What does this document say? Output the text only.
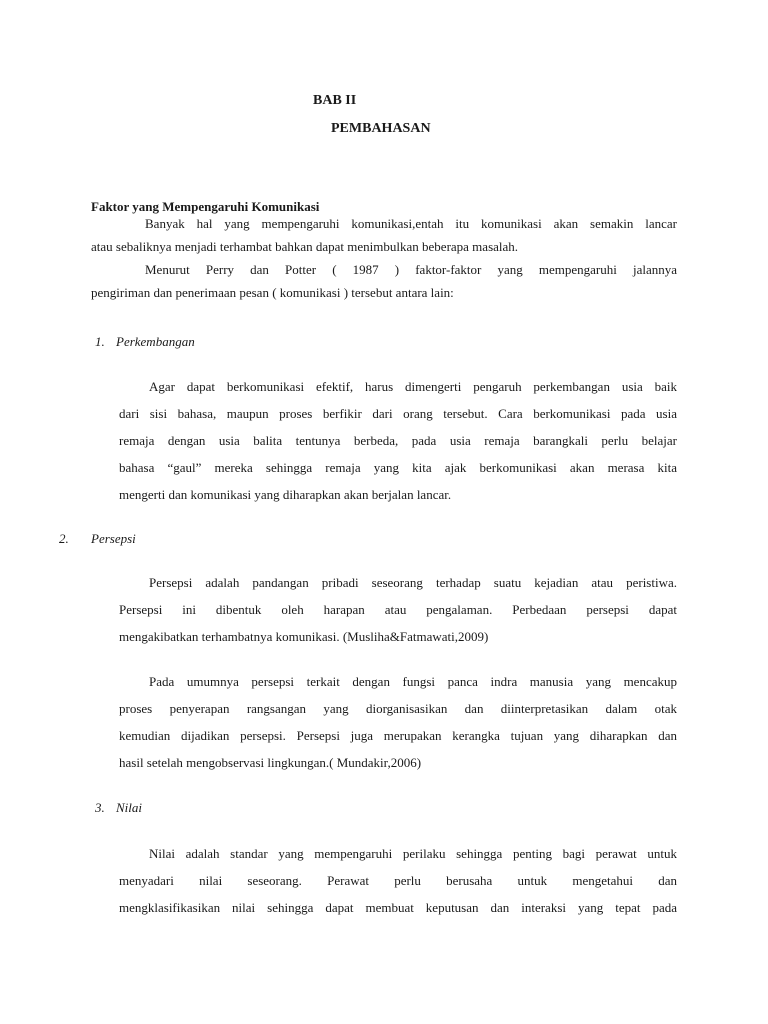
BAB II
PEMBAHASAN
Faktor yang Mempengaruhi Komunikasi
Banyak hal yang mempengaruhi komunikasi,entah itu komunikasi akan semakin lancar
atau sebaliknya menjadi terhambat bahkan dapat menimbulkan beberapa masalah.
Menurut Perry dan Potter ( 1987 ) faktor-faktor yang mempengaruhi jalannya
pengiriman dan penerimaan pesan ( komunikasi ) tersebut antara lain:
1. Perkembangan
Agar dapat berkomunikasi efektif, harus dimengerti pengaruh perkembangan usia baik
dari sisi bahasa, maupun proses berfikir dari orang tersebut. Cara berkomunikasi pada usia
remaja dengan usia balita tentunya berbeda, pada usia remaja barangkali perlu belajar
bahasa “gaul” mereka sehingga remaja yang kita ajak berkomunikasi akan merasa kita
mengerti dan komunikasi yang diharapkan akan berjalan lancar.
2. Persepsi
Persepsi adalah pandangan pribadi seseorang terhadap suatu kejadian atau peristiwa.
Persepsi ini dibentuk oleh harapan atau pengalaman. Perbedaan persepsi dapat
mengakibatkan terhambatnya komunikasi. (Musliha&Fatmawati,2009)
Pada umumnya persepsi terkait dengan fungsi panca indra manusia yang mencakup
proses penyerapan rangsangan yang diorganisasikan dan diinterpretasikan dalam otak
kemudian dijadikan persepsi. Persepsi juga merupakan kerangka tujuan yang diharapkan dan
hasil setelah mengobservasi lingkungan.( Mundakir,2006)
3. Nilai
Nilai adalah standar yang mempengaruhi perilaku sehingga penting bagi perawat untuk
menyadari nilai seseorang. Perawat perlu berusaha untuk mengetahui dan
mengklasifikasikan nilai sehingga dapat membuat keputusan dan interaksi yang tepat pada
